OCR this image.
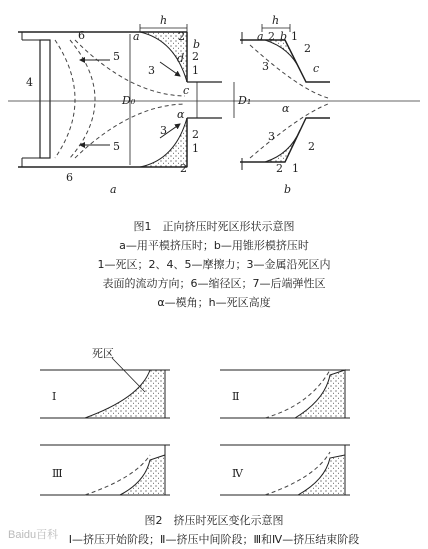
h
D₀	D₁
4
5
5
6
6
a	2
b
2
1
d
3
c
α
3 2
1
2
a
h
a 2 b 1
2
3	c
α
3
2
2 1
b
图1　正向挤压时死区形状示意图
a—用平模挤压时；b—用锥形模挤压时
1—死区；2、4、5—摩擦力；3—金属沿死区内
表面的流动方向；6—缩径区；7—后端弹性区
α—模角；h—死区高度
死区
Ⅰ	Ⅱ
Ⅲ	Ⅳ
图2　挤压时死区变化示意图
Ⅰ—挤压开始阶段；Ⅱ—挤压中间阶段；Ⅲ和Ⅳ—挤压结束阶段
Baidu百科
